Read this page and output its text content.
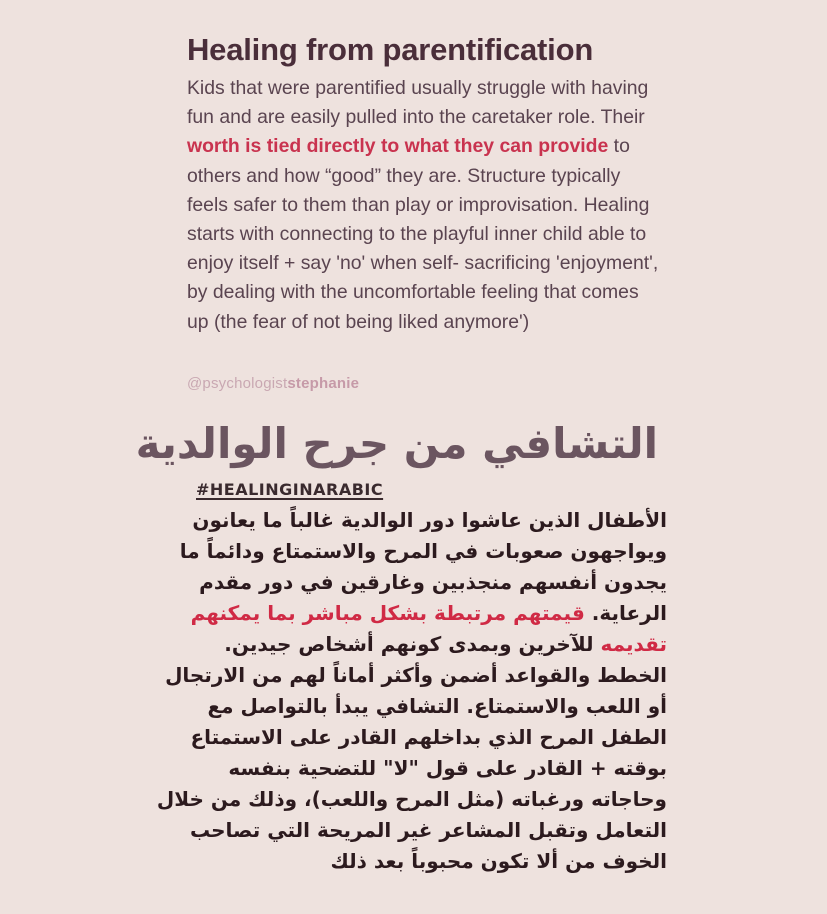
Healing from parentification

Kids that were parentified usually struggle with having fun and are easily pulled into the caretaker role. Their worth is tied directly to what they can provide to others and how “good” they are. Structure typically feels safer to them than play or improvisation. Healing starts with connecting to the playful inner child able to enjoy itself + say 'no' when self- sacrificing 'enjoyment', by dealing with the uncomfortable feeling that comes up (the fear of not being liked anymore')

@psychologiststephanie
التشافي من جرح الوالدية
#HEALINGINARABIC

الأطفال الذين عاشوا دور الوالدية غالباً ما يعانون ويواجهون صعوبات في المرح والاستمتاع ودائماً ما يجدون أنفسهم منجذبين وغارقين في دور مقدم الرعاية. قيمتهم مرتبطة بشكل مباشر بما يمكنهم تقديمه للآخرين وبمدى كونهم أشخاص جيدين. الخطط والقواعد أضمن وأكثر أماناً لهم من الارتجال أو اللعب والاستمتاع. التشافي يبدأ بالتواصل مع الطفل المرح الذي بداخلهم القادر على الاستمتاع بوقته + القادر على قول "لا" للتضحية بنفسه وحاجاته ورغباته (مثل المرح واللعب)، وذلك من خلال التعامل وتقبل المشاعر غير المريحة التي تصاحب الخوف من ألا تكون محبوباً بعد ذلك
